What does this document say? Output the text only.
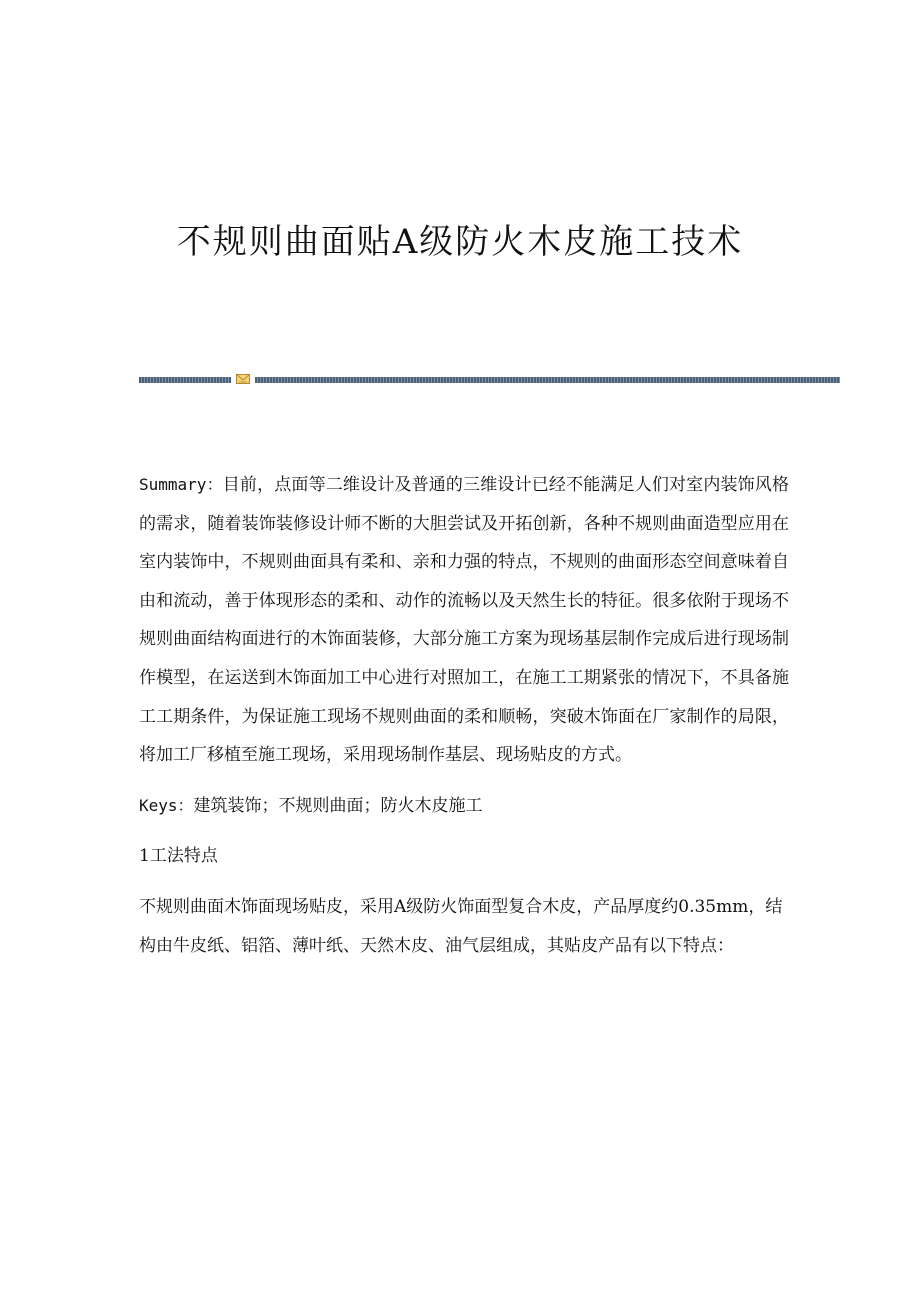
不规则曲面贴A级防火木皮施工技术

Summary：目前，点面等二维设计及普通的三维设计已经不能满足人们对室内装饰风格的需求，随着装饰装修设计师不断的大胆尝试及开拓创新，各种不规则曲面造型应用在室内装饰中，不规则曲面具有柔和、亲和力强的特点，不规则的曲面形态空间意味着自由和流动，善于体现形态的柔和、动作的流畅以及天然生长的特征。很多依附于现场不规则曲面结构面进行的木饰面装修，大部分施工方案为现场基层制作完成后进行现场制作模型，在运送到木饰面加工中心进行对照加工，在施工工期紧张的情况下，不具备施工工期条件，为保证施工现场不规则曲面的柔和顺畅，突破木饰面在厂家制作的局限，将加工厂移植至施工现场，采用现场制作基层、现场贴皮的方式。

Keys：建筑装饰；不规则曲面；防火木皮施工

1工法特点

不规则曲面木饰面现场贴皮，采用A级防火饰面型复合木皮，产品厚度约0.35mm，结构由牛皮纸、铝箔、薄叶纸、天然木皮、油气层组成，其贴皮产品有以下特点：
